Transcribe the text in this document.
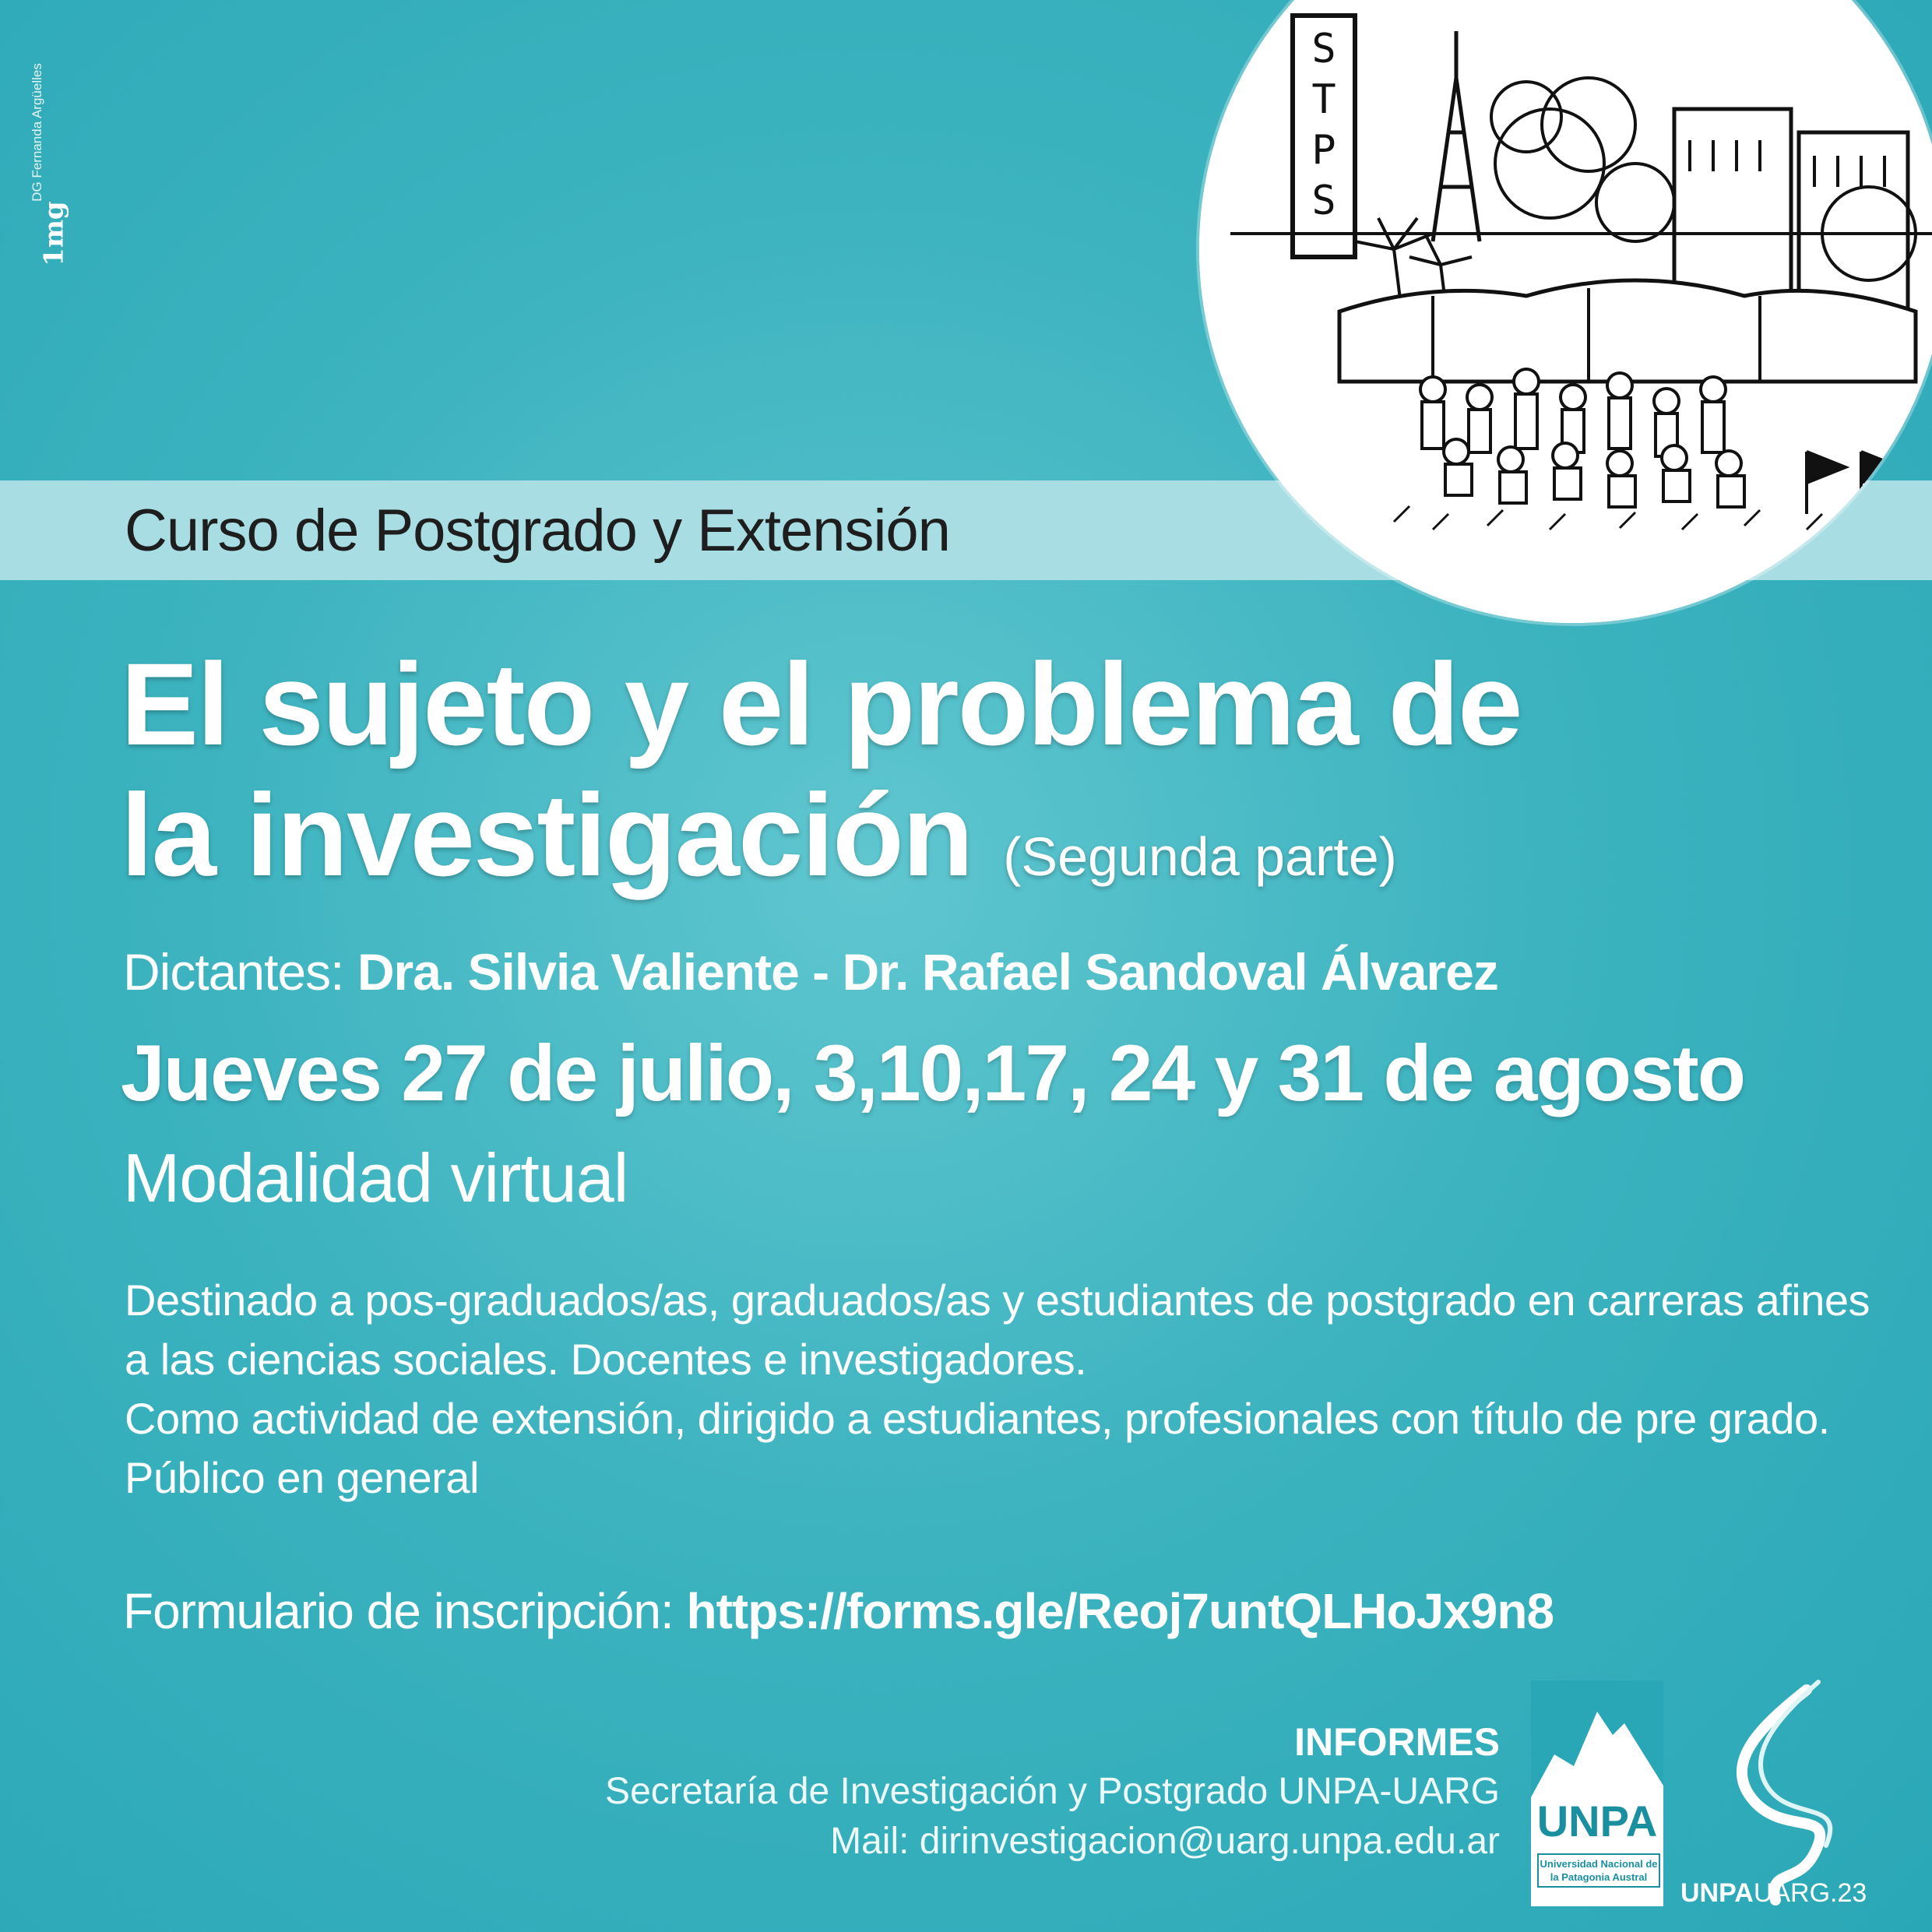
DG Fernanda Argüelles
1mg
Curso de Postgrado y Extensión
S
T
P
S
El sujeto y el problema de
la investigación (Segunda parte)
Dictantes: Dra. Silvia Valiente - Dr. Rafael Sandoval Álvarez
Jueves 27 de julio, 3,10,17, 24 y 31 de agosto
Modalidad virtual
Destinado a pos-graduados/as, graduados/as y estudiantes de postgrado en carreras afines
a las ciencias sociales. Docentes e investigadores.
Como actividad de extensión, dirigido a estudiantes, profesionales con título de pre grado.
Público en general
Formulario de inscripción: https://forms.gle/Reoj7untQLHoJx9n8
INFORMES
Secretaría de Investigación y Postgrado UNPA-UARG
Mail: dirinvestigacion@uarg.unpa.edu.ar UNPA
Universidad Nacional de la Patagonia Austral
UNPAUARG.23
